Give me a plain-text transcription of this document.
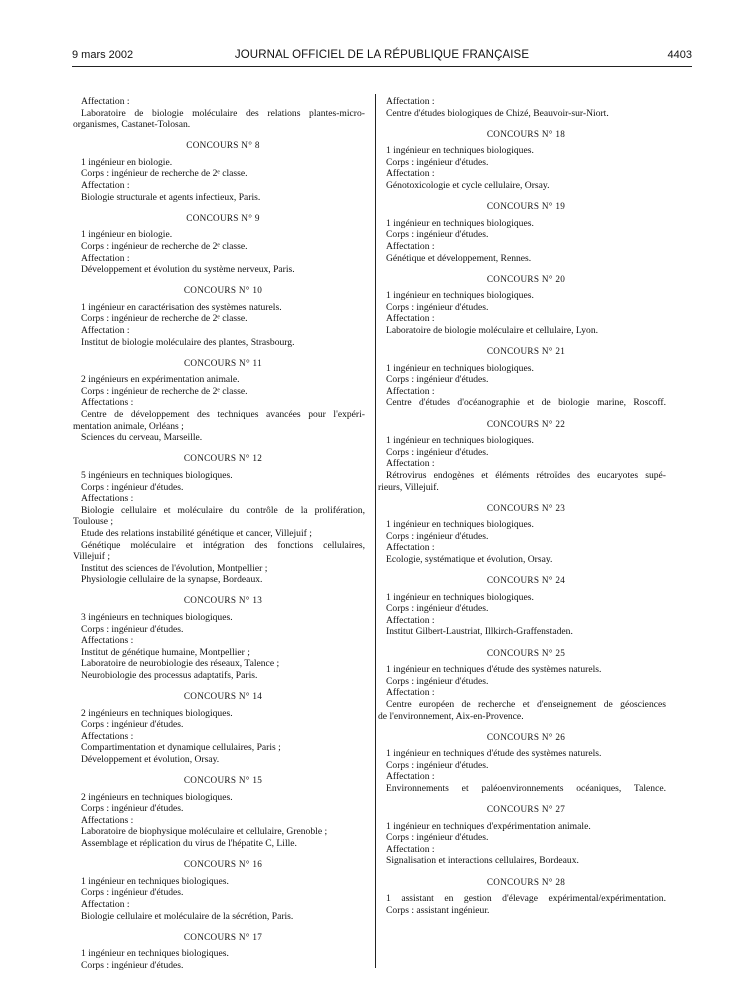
9 mars 2002	JOURNAL OFFICIEL DE LA RÉPUBLIQUE FRANÇAISE	4403
Affectation :
Laboratoire de biologie moléculaire des relations plantes-micro-
organismes, Castanet-Tolosan.
CONCOURS N° 8
1 ingénieur en biologie.
Corps : ingénieur de recherche de 2ᵉ classe.
Affectation :
Biologie structurale et agents infectieux, Paris.
CONCOURS N° 9
1 ingénieur en biologie.
Corps : ingénieur de recherche de 2ᵉ classe.
Affectation :
Développement et évolution du système nerveux, Paris.
CONCOURS N° 10
1 ingénieur en caractérisation des systèmes naturels.
Corps : ingénieur de recherche de 2ᵉ classe.
Affectation :
Institut de biologie moléculaire des plantes, Strasbourg.
CONCOURS N° 11
2 ingénieurs en expérimentation animale.
Corps : ingénieur de recherche de 2ᵉ classe.
Affectations :
Centre de développement des techniques avancées pour l'expéri-
mentation animale, Orléans ;
Sciences du cerveau, Marseille.
CONCOURS N° 12
5 ingénieurs en techniques biologiques.
Corps : ingénieur d'études.
Affectations :
Biologie cellulaire et moléculaire du contrôle de la prolifération,
Toulouse ;
Etude des relations instabilité génétique et cancer, Villejuif ;
Génétique moléculaire et intégration des fonctions cellulaires,
Villejuif ;
Institut des sciences de l'évolution, Montpellier ;
Physiologie cellulaire de la synapse, Bordeaux.
CONCOURS N° 13
3 ingénieurs en techniques biologiques.
Corps : ingénieur d'études.
Affectations :
Institut de génétique humaine, Montpellier ;
Laboratoire de neurobiologie des réseaux, Talence ;
Neurobiologie des processus adaptatifs, Paris.
CONCOURS N° 14
2 ingénieurs en techniques biologiques.
Corps : ingénieur d'études.
Affectations :
Compartimentation et dynamique cellulaires, Paris ;
Développement et évolution, Orsay.
CONCOURS N° 15
2 ingénieurs en techniques biologiques.
Corps : ingénieur d'études.
Affectations :
Laboratoire de biophysique moléculaire et cellulaire, Grenoble ;
Assemblage et réplication du virus de l'hépatite C, Lille.
CONCOURS N° 16
1 ingénieur en techniques biologiques.
Corps : ingénieur d'études.
Affectation :
Biologie cellulaire et moléculaire de la sécrétion, Paris.
CONCOURS N° 17
1 ingénieur en techniques biologiques.
Corps : ingénieur d'études.
Affectation :
Centre d'études biologiques de Chizé, Beauvoir-sur-Niort.
CONCOURS N° 18
1 ingénieur en techniques biologiques.
Corps : ingénieur d'études.
Affectation :
Génotoxicologie et cycle cellulaire, Orsay.
CONCOURS N° 19
1 ingénieur en techniques biologiques.
Corps : ingénieur d'études.
Affectation :
Génétique et développement, Rennes.
CONCOURS N° 20
1 ingénieur en techniques biologiques.
Corps : ingénieur d'études.
Affectation :
Laboratoire de biologie moléculaire et cellulaire, Lyon.
CONCOURS N° 21
1 ingénieur en techniques biologiques.
Corps : ingénieur d'études.
Affectation :
Centre d'études d'océanographie et de biologie marine, Roscoff.
CONCOURS N° 22
1 ingénieur en techniques biologiques.
Corps : ingénieur d'études.
Affectation :
Rétrovirus endogènes et éléments rétroïdes des eucaryotes supé-
rieurs, Villejuif.
CONCOURS N° 23
1 ingénieur en techniques biologiques.
Corps : ingénieur d'études.
Affectation :
Ecologie, systématique et évolution, Orsay.
CONCOURS N° 24
1 ingénieur en techniques biologiques.
Corps : ingénieur d'études.
Affectation :
Institut Gilbert-Laustriat, Illkirch-Graffenstaden.
CONCOURS N° 25
1 ingénieur en techniques d'étude des systèmes naturels.
Corps : ingénieur d'études.
Affectation :
Centre européen de recherche et d'enseignement de géosciences
de l'environnement, Aix-en-Provence.
CONCOURS N° 26
1 ingénieur en techniques d'étude des systèmes naturels.
Corps : ingénieur d'études.
Affectation :
Environnements et paléoenvironnements océaniques, Talence.
CONCOURS N° 27
1 ingénieur en techniques d'expérimentation animale.
Corps : ingénieur d'études.
Affectation :
Signalisation et interactions cellulaires, Bordeaux.
CONCOURS N° 28
1 assistant en gestion d'élevage expérimental/expérimentation.
Corps : assistant ingénieur.
